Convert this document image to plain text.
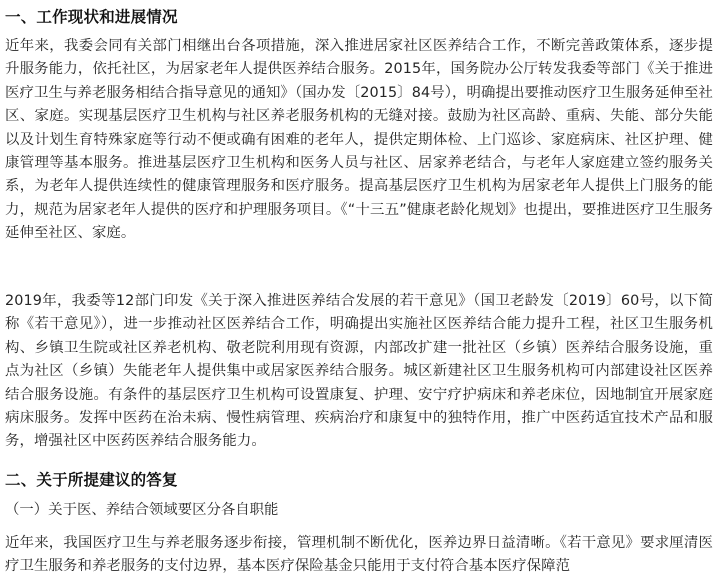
一、工作现状和进展情况

近年来，我委会同有关部门相继出台各项措施，深入推进居家社区医养结合工作，不断完善政策体系，逐步提升服务能力，依托社区，为居家老年人提供医养结合服务。2015年，国务院办公厅转发我委等部门《关于推进医疗卫生与养老服务相结合指导意见的通知》（国办发〔2015〕84号），明确提出要推动医疗卫生服务延伸至社区、家庭。实现基层医疗卫生机构与社区养老服务机构的无缝对接。鼓励为社区高龄、重病、失能、部分失能以及计划生育特殊家庭等行动不便或确有困难的老年人，提供定期体检、上门巡诊、家庭病床、社区护理、健康管理等基本服务。推进基层医疗卫生机构和医务人员与社区、居家养老结合，与老年人家庭建立签约服务关系，为老年人提供连续性的健康管理服务和医疗服务。提高基层医疗卫生机构为居家老年人提供上门服务的能力，规范为居家老年人提供的医疗和护理服务项目。《“十三五”健康老龄化规划》也提出，要推进医疗卫生服务延伸至社区、家庭。

2019年，我委等12部门印发《关于深入推进医养结合发展的若干意见》（国卫老龄发〔2019〕60号，以下简称《若干意见》），进一步推动社区医养结合工作，明确提出实施社区医养结合能力提升工程，社区卫生服务机构、乡镇卫生院或社区养老机构、敬老院利用现有资源，内部改扩建一批社区（乡镇）医养结合服务设施，重点为社区（乡镇）失能老年人提供集中或居家医养结合服务。城区新建社区卫生服务机构可内部建设社区医养结合服务设施。有条件的基层医疗卫生机构可设置康复、护理、安宁疗护病床和养老床位，因地制宜开展家庭病床服务。发挥中医药在治未病、慢性病管理、疾病治疗和康复中的独特作用，推广中医药适宜技术产品和服务，增强社区中医药医养结合服务能力。

二、关于所提建议的答复
（一）关于医、养结合领域要区分各自职能

近年来，我国医疗卫生与养老服务逐步衔接，管理机制不断优化，医养边界日益清晰。《若干意见》要求厘清医疗卫生服务和养老服务的支付边界，基本医疗保险基金只能用于支付符合基本医疗保障范
